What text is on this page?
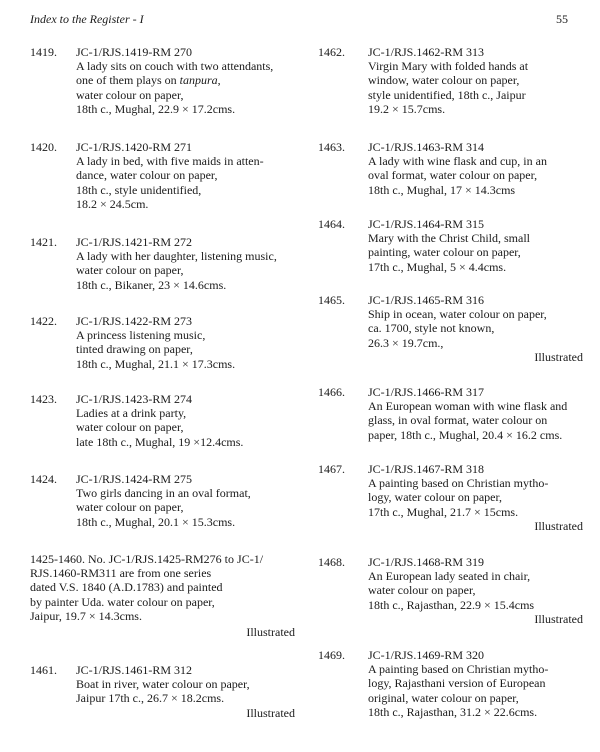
Index to the Register - I	55
1419. JC-1/RJS.1419-RM 270
A lady sits on couch with two attendants,
one of them plays on tanpura,
water colour on paper,
18th c., Mughal, 22.9 × 17.2cms.
1420. JC-1/RJS.1420-RM 271
A lady in bed, with five maids in atten-
dance, water colour on paper,
18th c., style unidentified,
18.2 × 24.5cm.
1421. JC-1/RJS.1421-RM 272
A lady with her daughter, listening music,
water colour on paper,
18th c., Bikaner, 23 × 14.6cms.
1422. JC-1/RJS.1422-RM 273
A princess listening music,
tinted drawing on paper,
18th c., Mughal, 21.1 × 17.3cms.
1423. JC-1/RJS.1423-RM 274
Ladies at a drink party,
water colour on paper,
late 18th c., Mughal, 19 ×12.4cms.
1424. JC-1/RJS.1424-RM 275
Two girls dancing in an oval format,
water colour on paper,
18th c., Mughal, 20.1 × 15.3cms.
1461. JC-1/RJS.1461-RM 312
Boat in river, water colour on paper,
Jaipur 17th c., 26.7 × 18.2cms.
Illustrated
1425-1460. No. JC-1/RJS.1425-RM276 to JC-1/
RJS.1460-RM311 are from one series
dated V.S. 1840 (A.D.1783) and painted
by painter Uda. water colour on paper,
Jaipur, 19.7 × 14.3cms.
Illustrated
1462. JC-1/RJS.1462-RM 313
Virgin Mary with folded hands at
window, water colour on paper,
style unidentified, 18th c., Jaipur
19.2 × 15.7cms.
1463. JC-1/RJS.1463-RM 314
A lady with wine flask and cup, in an
oval format, water colour on paper,
18th c., Mughal, 17 × 14.3cms
1464. JC-1/RJS.1464-RM 315
Mary with the Christ Child, small
painting, water colour on paper,
17th c., Mughal, 5 × 4.4cms.
1465. JC-1/RJS.1465-RM 316
Ship in ocean, water colour on paper,
ca. 1700, style not known,
26.3 × 19.7cm.,
Illustrated
1466. JC-1/RJS.1466-RM 317
An European woman with wine flask and
glass, in oval format, water colour on
paper, 18th c., Mughal, 20.4 × 16.2 cms.
1467. JC-1/RJS.1467-RM 318
A painting based on Christian mytho-
logy, water colour on paper,
17th c., Mughal, 21.7 × 15cms.
Illustrated
1468. JC-1/RJS.1468-RM 319
An European lady seated in chair,
water colour on paper,
18th c., Rajasthan, 22.9 × 15.4cms
Illustrated
1469. JC-1/RJS.1469-RM 320
A painting based on Christian mytho-
logy, Rajasthani version of European
original, water colour on paper,
18th c., Rajasthan, 31.2 × 22.6cms.
